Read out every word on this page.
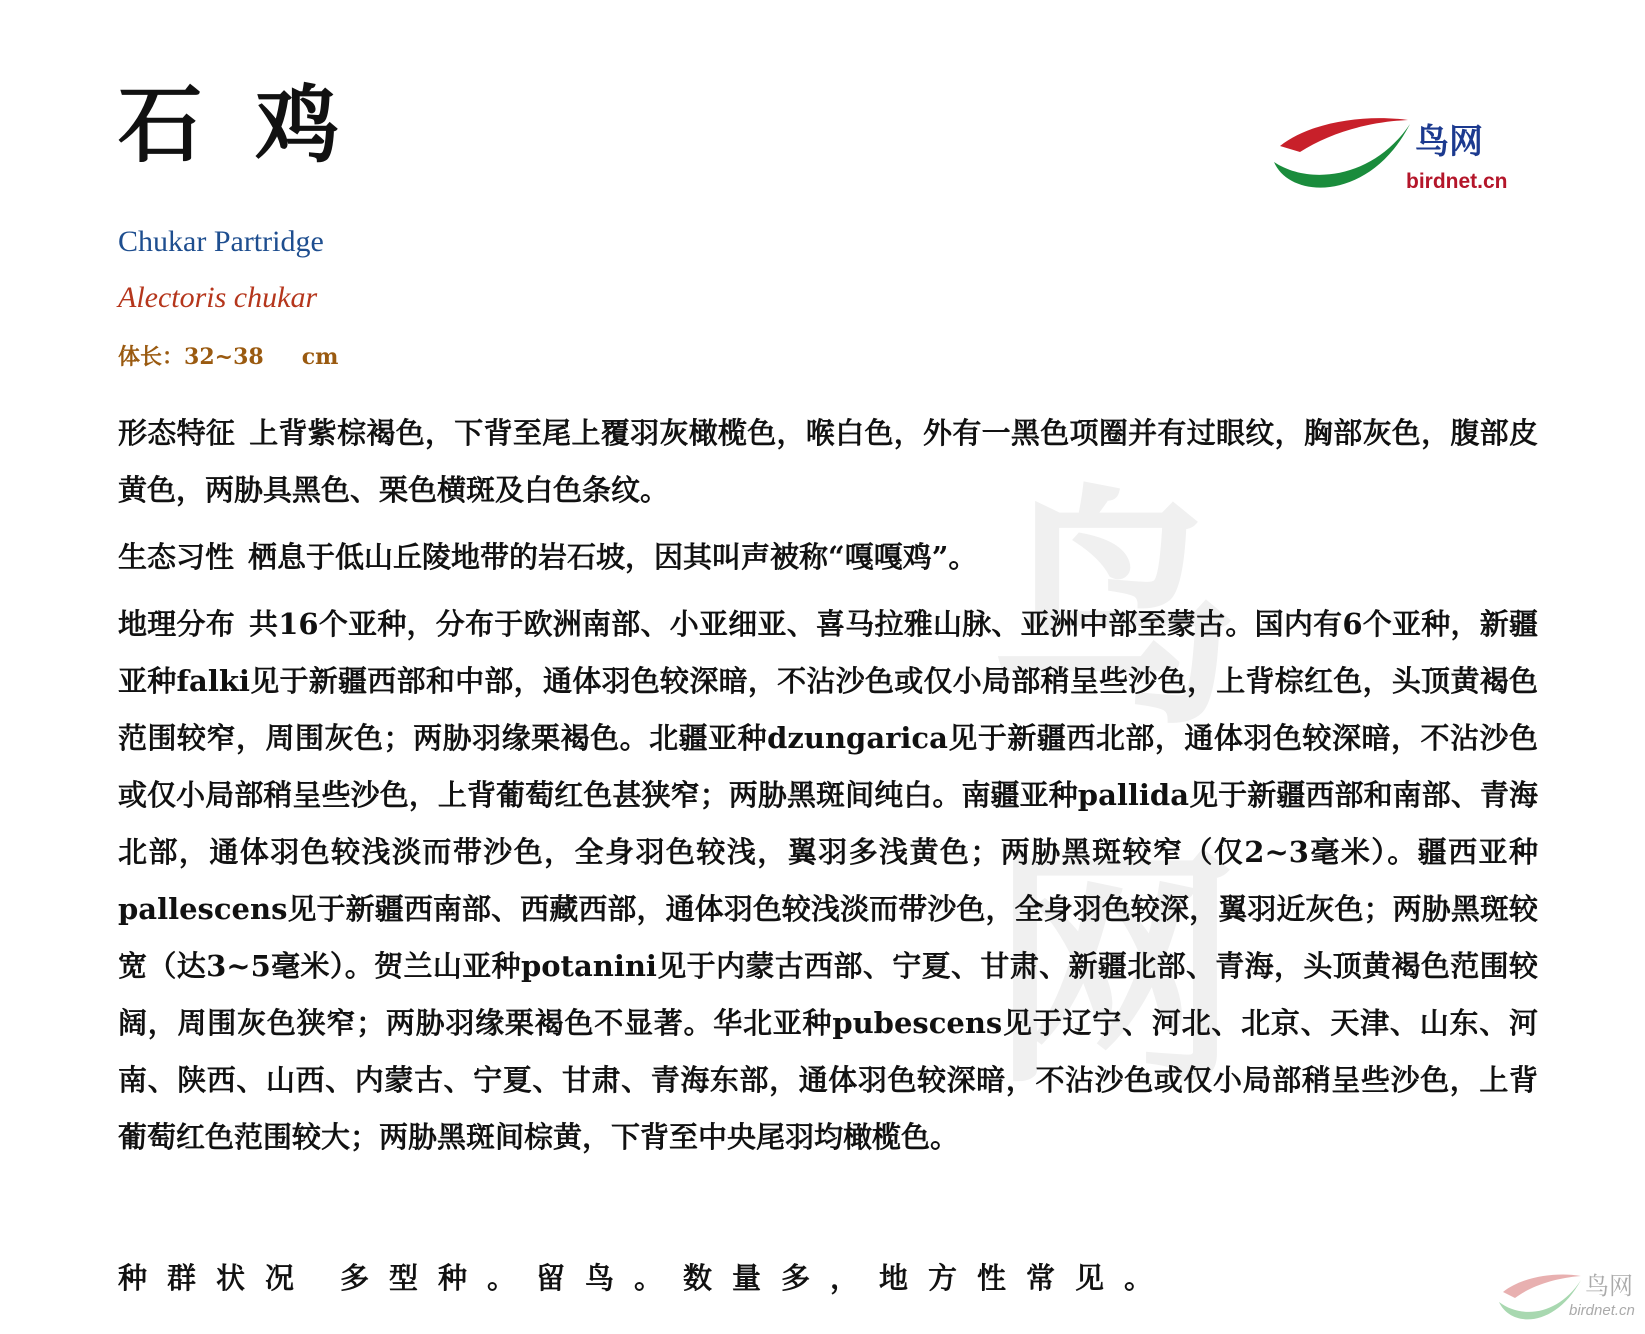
鸟网
石 鸡	鸟网
birdnet.cn
Chukar Partridge
Alectoris chukar
体长：32~38 cm

形态特征 上背紫棕褐色，下背至尾上覆羽灰橄榄色，喉白色，外有一黑色项圈并有过眼纹，胸部灰色，腹部皮黄色，两胁具黑色、栗色横斑及白色条纹。

生态习性 栖息于低山丘陵地带的岩石坡，因其叫声被称“嘎嘎鸡”。

地理分布 共16个亚种，分布于欧洲南部、小亚细亚、喜马拉雅山脉、亚洲中部至蒙古。国内有6个亚种，新疆亚种falki见于新疆西部和中部，通体羽色较深暗，不沾沙色或仅小局部稍呈些沙色，上背棕红色，头顶黄褐色范围较窄，周围灰色；两胁羽缘栗褐色。北疆亚种dzungarica见于新疆西北部，通体羽色较深暗，不沾沙色或仅小局部稍呈些沙色，上背葡萄红色甚狭窄；两胁黑斑间纯白。南疆亚种pallida见于新疆西部和南部、青海北部，通体羽色较浅淡而带沙色，全身羽色较浅，翼羽多浅黄色；两胁黑斑较窄（仅2~3毫米）。疆西亚种pallescens见于新疆西南部、西藏西部，通体羽色较浅淡而带沙色，全身羽色较深，翼羽近灰色；两胁黑斑较宽（达3~5毫米）。贺兰山亚种potanini见于内蒙古西部、宁夏、甘肃、新疆北部、青海，头顶黄褐色范围较阔，周围灰色狭窄；两胁羽缘栗褐色不显著。华北亚种pubescens见于辽宁、河北、北京、天津、山东、河南、陕西、山西、内蒙古、宁夏、甘肃、青海东部，通体羽色较深暗，不沾沙色或仅小局部稍呈些沙色，上背葡萄红色范围较大；两胁黑斑间棕黄，下背至中央尾羽均橄榄色。

种群状况 多型种。留鸟。数量多，地方性常见。	鸟网
birdnet.cn
